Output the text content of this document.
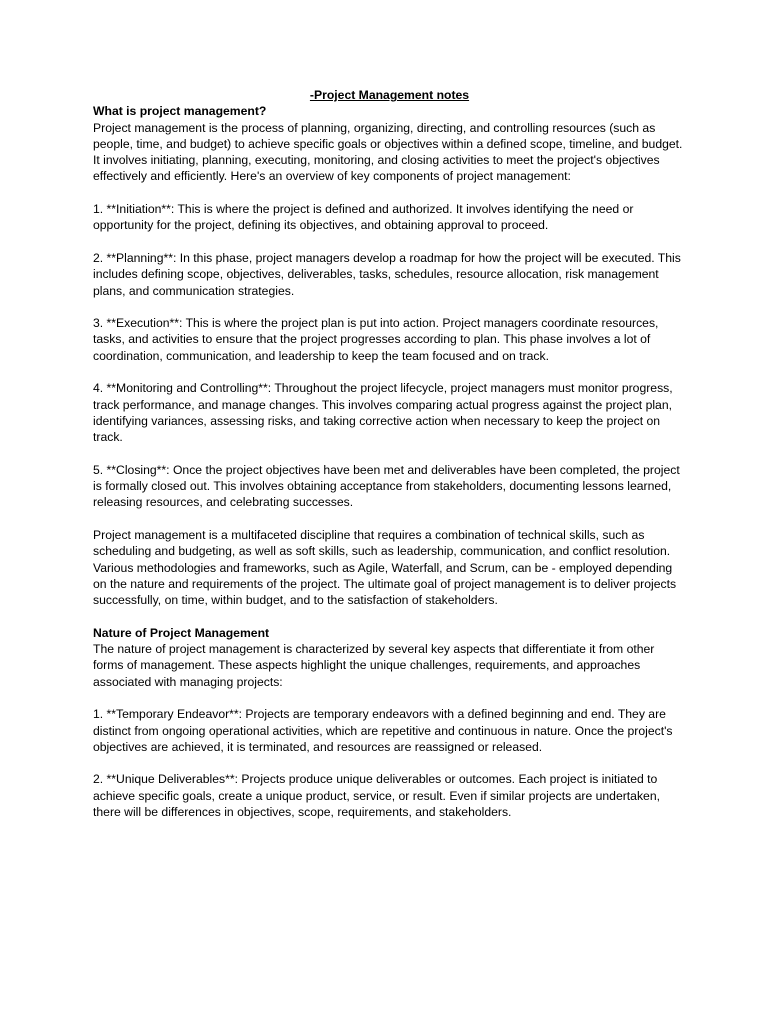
-Project Management notes

What is project management?

Project management is the process of planning, organizing, directing, and controlling resources (such as people, time, and budget) to achieve specific goals or objectives within a defined scope, timeline, and budget. It involves initiating, planning, executing, monitoring, and closing activities to meet the project's objectives effectively and efficiently. Here's an overview of key components of project management:

1. **Initiation**: This is where the project is defined and authorized. It involves identifying the need or opportunity for the project, defining its objectives, and obtaining approval to proceed.

2. **Planning**: In this phase, project managers develop a roadmap for how the project will be executed. This includes defining scope, objectives, deliverables, tasks, schedules, resource allocation, risk management plans, and communication strategies.

3. **Execution**: This is where the project plan is put into action. Project managers coordinate resources, tasks, and activities to ensure that the project progresses according to plan. This phase involves a lot of coordination, communication, and leadership to keep the team focused and on track.

4. **Monitoring and Controlling**: Throughout the project lifecycle, project managers must monitor progress, track performance, and manage changes. This involves comparing actual progress against the project plan, identifying variances, assessing risks, and taking corrective action when necessary to keep the project on track.

5. **Closing**: Once the project objectives have been met and deliverables have been completed, the project is formally closed out. This involves obtaining acceptance from stakeholders, documenting lessons learned, releasing resources, and celebrating successes.

Project management is a multifaceted discipline that requires a combination of technical skills, such as scheduling and budgeting, as well as soft skills, such as leadership, communication, and conflict resolution. Various methodologies and frameworks, such as Agile, Waterfall, and Scrum, can be - employed depending on the nature and requirements of the project. The ultimate goal of project management is to deliver projects successfully, on time, within budget, and to the satisfaction of stakeholders.

Nature of Project Management

The nature of project management is characterized by several key aspects that differentiate it from other forms of management. These aspects highlight the unique challenges, requirements, and approaches associated with managing projects:

1. **Temporary Endeavor**: Projects are temporary endeavors with a defined beginning and end. They are distinct from ongoing operational activities, which are repetitive and continuous in nature. Once the project's objectives are achieved, it is terminated, and resources are reassigned or released.

2. **Unique Deliverables**: Projects produce unique deliverables or outcomes. Each project is initiated to achieve specific goals, create a unique product, service, or result. Even if similar projects are undertaken, there will be differences in objectives, scope, requirements, and stakeholders.
